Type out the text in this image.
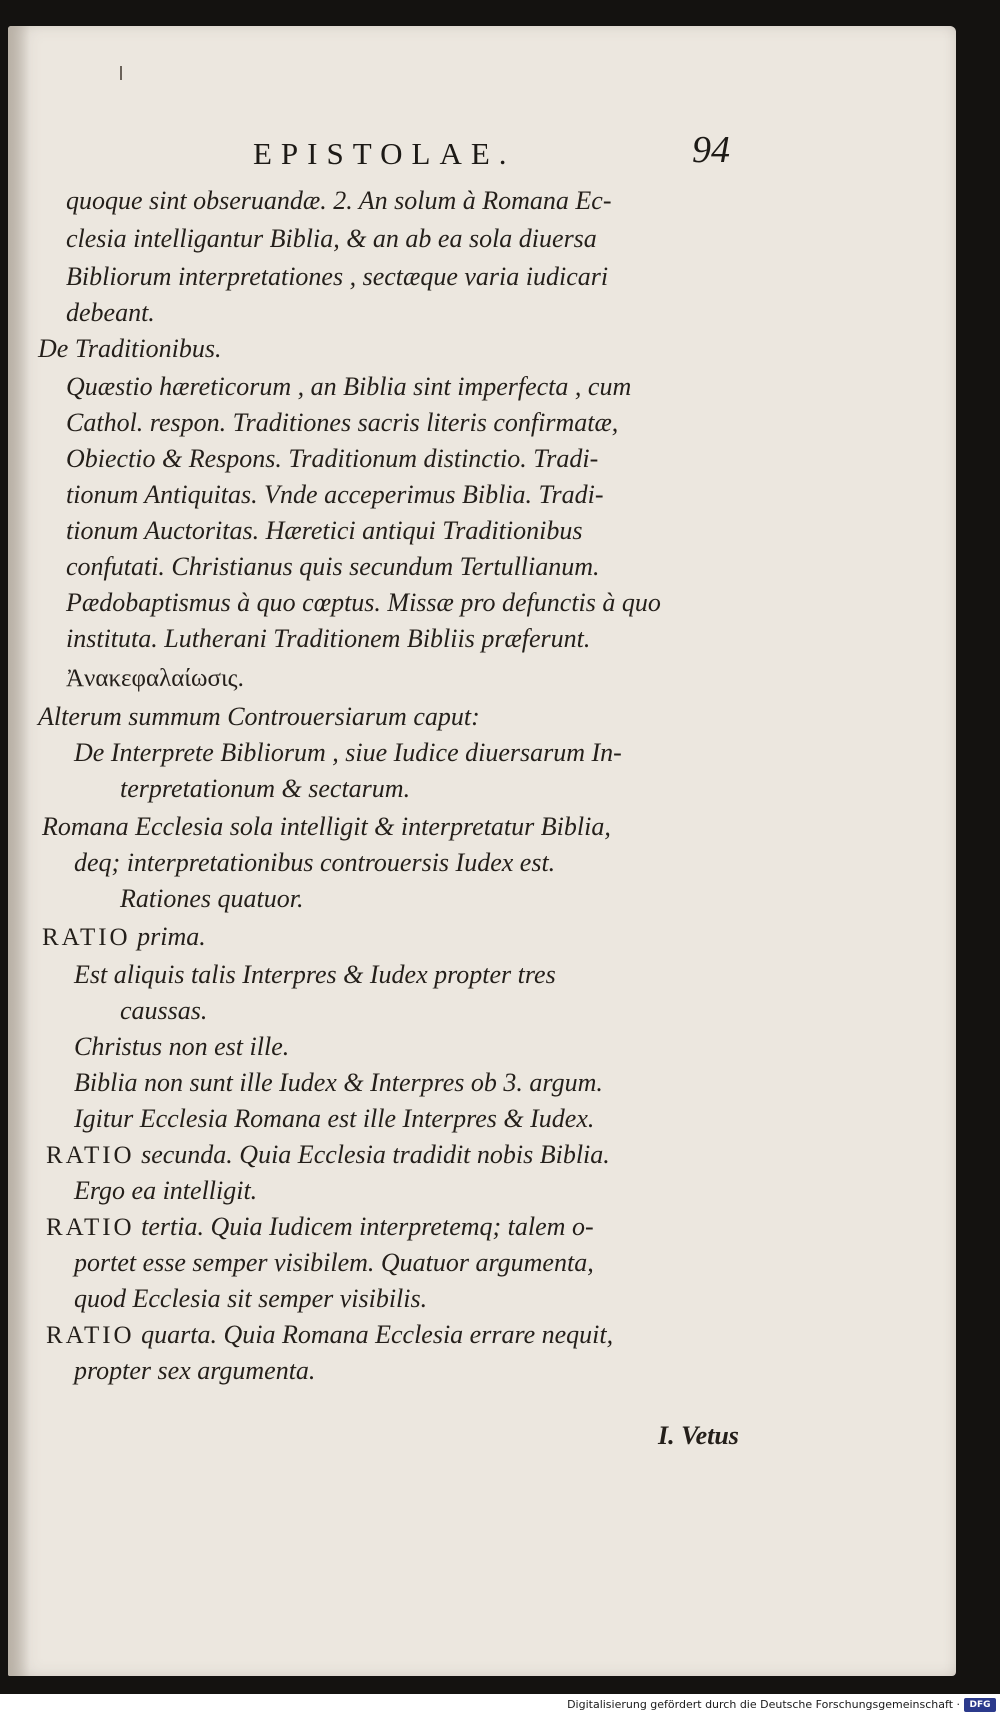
EPISTOLAE.	94
quoque sint obseruandæ. 2. An solum à Romana Ec-
clesia intelligantur Biblia, & an ab ea sola diuersa
Bibliorum interpretationes , sectæque varia iudicari
debeant.
De Traditionibus.
Quæstio hæreticorum , an Biblia sint imperfecta , cum
Cathol. respon. Traditiones sacris literis confirmatæ,
Obiectio & Respons. Traditionum distinctio. Tradi-
tionum Antiquitas. Vnde acceperimus Biblia. Tradi-
tionum Auctoritas. Hæretici antiqui Traditionibus
confutati. Christianus quis secundum Tertullianum.
Pædobaptismus à quo cœptus. Missæ pro defunctis à quo
instituta. Lutherani Traditionem Bibliis præferunt.
Ἀνακεφαλαίωσις.
Alterum summum Controuersiarum caput:
De Interprete Bibliorum , siue Iudice diuersarum In-
terpretationum & sectarum.
Romana Ecclesia sola intelligit & interpretatur Biblia,
deq; interpretationibus controuersis Iudex est.
Rationes quatuor.
RATIO prima.
Est aliquis talis Interpres & Iudex propter tres
caussas.
Christus non est ille.
Biblia non sunt ille Iudex & Interpres ob 3. argum.
Igitur Ecclesia Romana est ille Interpres & Iudex.
RATIO secunda. Quia Ecclesia tradidit nobis Biblia.
Ergo ea intelligit.
RATIO tertia. Quia Iudicem interpretemq; talem o-
portet esse semper visibilem. Quatuor argumenta,
quod Ecclesia sit semper visibilis.
RATIO quarta. Quia Romana Ecclesia errare nequit,
propter sex argumenta.
I. Vetus
Digitalisierung gefördert durch die Deutsche Forschungsgemeinschaft ·	DFG
